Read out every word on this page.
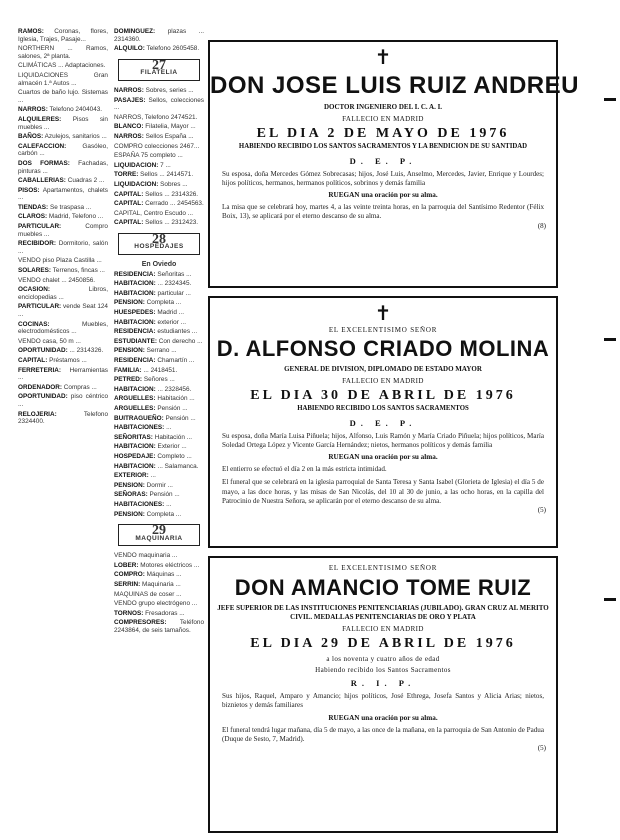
RAMOS: Coronas, flores, Iglesia, Trajes, Pasaje...

NORTHERN ... Ramos, salones, 2ª planta.

CLIMÁTICAS ... Adaptaciones.

LIQUIDACIONES Gran almacén 1.ª Autos ...

Cuartos de baño lujo. Sistemas ...

NARROS: Telefono 2404043.

ALQUILERES: Pisos sin muebles ...

BAÑOS: Azulejos, sanitarios ...

CALEFACCION: Gasóleo, carbón ...

DOS FORMAS: Fachadas, pinturas ...

CABALLERIAS: Cuadras 2 ...

PISOS: Apartamentos, chalets ...

TIENDAS: Se traspasa ...

CLAROS: Madrid, Telefono ...

PARTICULAR: Compro muebles ...

RECIBIDOR: Dormitorio, salón ...

VENDO piso Plaza Castilla ...

SOLARES: Terrenos, fincas ...

VENDO chalet ... 2450856.

OCASION: Libros, enciclopedias ...

PARTICULAR: vende Seat 124 ...

COCINAS: Muebles, electrodomésticos ...

VENDO casa, 50 m ...

OPORTUNIDAD: ... 2314326.

CAPITAL: Préstamos ...

FERRETERIA: Herramientas ...

ORDENADOR: Compras ...

OPORTUNIDAD: piso céntrico ...

RELOJERIA: Telefono 2324400.

DOMINGUEZ: plazas ... 2314360.

ALQUILO: Telefono 2605458.

27
FILATELIA

NARROS: Sobres, series ...

PASAJES: Sellos, colecciones ...

NARROS, Telefono 2474521.

BLANCO: Filatelia, Mayor ...

NARROS: Sellos España ...

COMPRO colecciones 2467...

ESPAÑA 75 completo ...

LIQUIDACION: 7 ...

TORRE: Sellos ... 2414571.

LIQUIDACION: Sobres ...

CAPITAL: Sellos ... 2314326.

CAPITAL: Cerrado ... 2454563.

CAPITAL, Centro Escudo ...

CAPITAL: Sellos ... 2312423.

28
HOSPEDAJES
En Oviedo

RESIDENCIA: Señoritas ...

HABITACION: ... 2324345.

HABITACION: particular ...

PENSION: Completa ...

HUESPEDES: Madrid ...

HABITACION: exterior ...

RESIDENCIA: estudiantes ...

ESTUDIANTE: Con derecho ...

PENSION: Serrano ...

RESIDENCIA: Chamartín ...

FAMILIA: ... 2418451.

PETRED: Señores ...

HABITACION: ... 2328456.

ARGUELLES: Habitación ...

ARGUELLES: Pensión ...

BUITRAGUEÑO: Pensión ...

HABITACIONES: ...

SEÑORITAS: Habitación ...

HABITACION: Exterior ...

HOSPEDAJE: Completo ...

HABITACION: ... Salamanca.

EXTERIOR: ...

PENSION: Dormir ...

SEÑORAS: Pensión ...

HABITACIONES: ...

PENSION: Completa ...

29
MAQUINARIA

VENDO maquinaria ...

LOBER: Motores eléctricos ...

COMPRO: Máquinas ...

SERRIN: Maquinaria ...

MAQUINAS de coser ...

VENDO grupo electrógeno ...

TORNOS: Fresadoras ...

COMPRESORES: Teléfono 2243864, de seis tamaños.

✝
DON JOSE LUIS RUIZ ANDREU
DOCTOR INGENIERO DEL I. C. A. I.
FALLECIO EN MADRID
EL DIA 2 DE MAYO DE 1976
HABIENDO RECIBIDO LOS SANTOS SACRAMENTOS Y LA BENDICION DE SU SANTIDAD
D. E. P.
Su esposa, doña Mercedes Gómez Sobrecasas; hijos, José Luis, Anselmo, Mercedes, Javier, Enrique y Lourdes; hijos políticos, hermanos, hermanos políticos, sobrinos y demás familia
RUEGAN una oración por su alma.
La misa que se celebrará hoy, martes 4, a las veinte treinta horas, en la parroquia del Santísimo Redentor (Félix Boix, 13), se aplicará por el eterno descanso de su alma.
(8)
✝
EL EXCELENTISIMO SEÑOR
D. ALFONSO CRIADO MOLINA
GENERAL DE DIVISION, DIPLOMADO DE ESTADO MAYOR
FALLECIO EN MADRID
EL DIA 30 DE ABRIL DE 1976
HABIENDO RECIBIDO LOS SANTOS SACRAMENTOS
D. E. P.
Su esposa, doña María Luisa Piñuela; hijos, Alfonso, Luis Ramón y María Criado Piñuela; hijos políticos, María Soledad Ortega López y Vicente García Hernández; nietos, hermanos políticos y demás familia
RUEGAN una oración por su alma.
El entierro se efectuó el día 2 en la más estricta intimidad.
El funeral que se celebrará en la iglesia parroquial de Santa Teresa y Santa Isabel (Glorieta de Iglesia) el día 5 de mayo, a las doce horas, y las misas de San Nicolás, del 10 al 30 de junio, a las ocho horas, en la capilla del Patrocinio de Nuestra Señora, se aplicarán por el eterno descanso de su alma.
(5)
EL EXCELENTISIMO SEÑOR
DON AMANCIO TOME RUIZ
JEFE SUPERIOR DE LAS INSTITUCIONES PENITENCIARIAS (JUBILADO). GRAN CRUZ AL MERITO CIVIL. MEDALLAS PENITENCIARIAS DE ORO Y PLATA
FALLECIO EN MADRID
EL DIA 29 DE ABRIL DE 1976
a los noventa y cuatro años de edad
Habiendo recibido los Santos Sacramentos
R. I. P.
Sus hijos, Raquel, Amparo y Amancio; hijos políticos, José Ethrega, Josefa Santos y Alicia Arias; nietos, biznietos y demás familiares
RUEGAN una oración por su alma.
El funeral tendrá lugar mañana, día 5 de mayo, a las once de la mañana, en la parroquia de San Antonio de Padua (Duque de Sesto, 7, Madrid).
(5)
